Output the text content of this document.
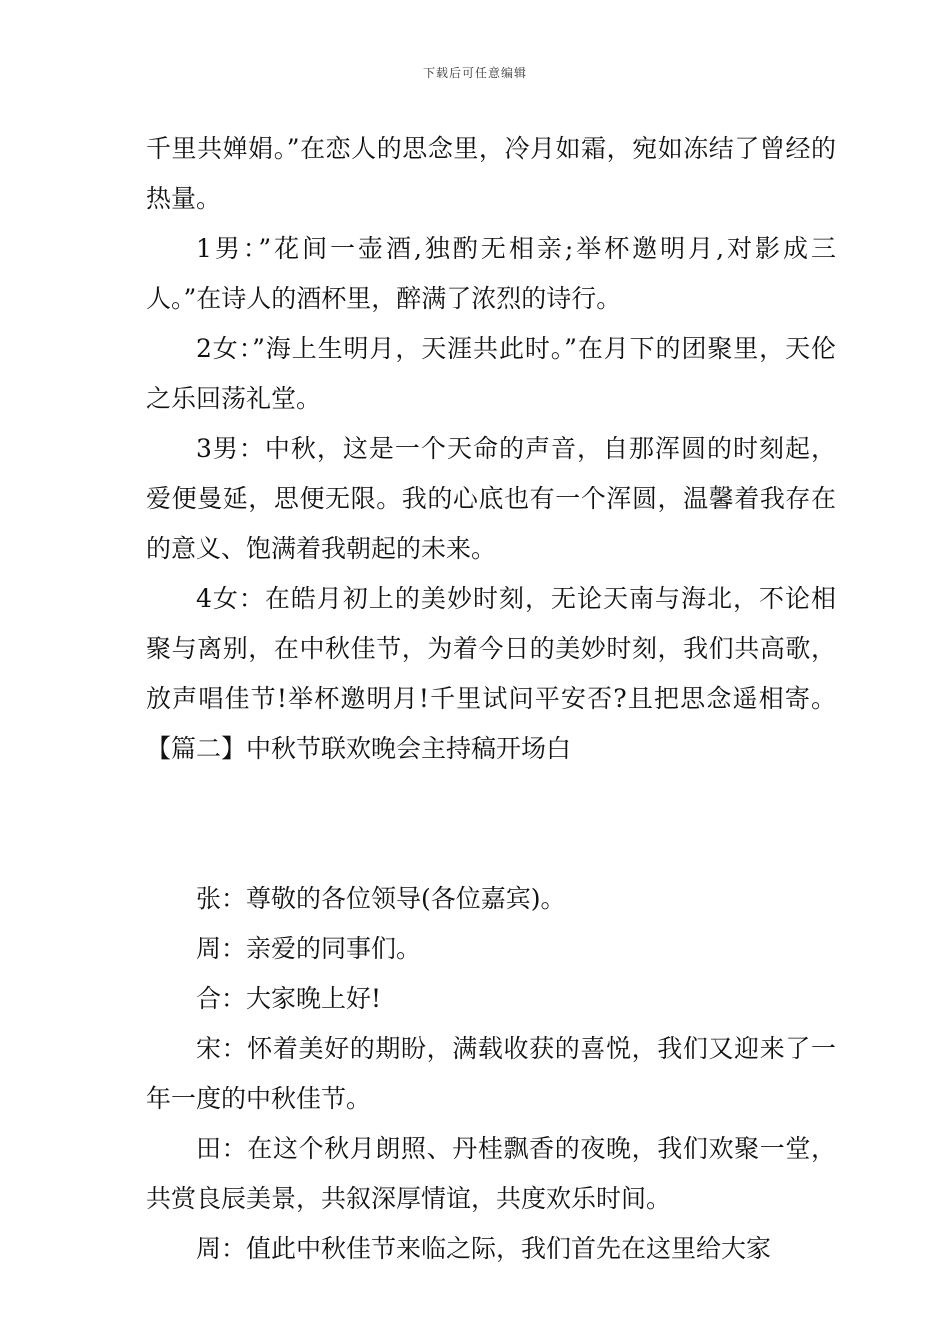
下载后可任意编辑

千里共婵娟。”在恋人的思念里，冷月如霜，宛如冻结了曾经的热量。

1男：”花间一壶酒,独酌无相亲;举杯邀明月,对影成三人。”在诗人的酒杯里，醉满了浓烈的诗行。

2女：”海上生明月，天涯共此时。”在月下的团聚里，天伦之乐回荡礼堂。

3男：中秋，这是一个天命的声音，自那浑圆的时刻起，爱便曼延，思便无限。我的心底也有一个浑圆，温馨着我存在的意义、饱满着我朝起的未来。

4女：在皓月初上的美妙时刻，无论天南与海北，不论相聚与离别，在中秋佳节，为着今日的美妙时刻，我们共高歌，放声唱佳节!举杯邀明月!千里试问平安否?且把思念遥相寄。【篇二】中秋节联欢晚会主持稿开场白

张：尊敬的各位领导(各位嘉宾)。

周：亲爱的同事们。

合：大家晚上好!

宋：怀着美好的期盼，满载收获的喜悦，我们又迎来了一年一度的中秋佳节。

田：在这个秋月朗照、丹桂飘香的夜晚，我们欢聚一堂，共赏良辰美景，共叙深厚情谊，共度欢乐时间。

周：值此中秋佳节来临之际，我们首先在这里给大家
